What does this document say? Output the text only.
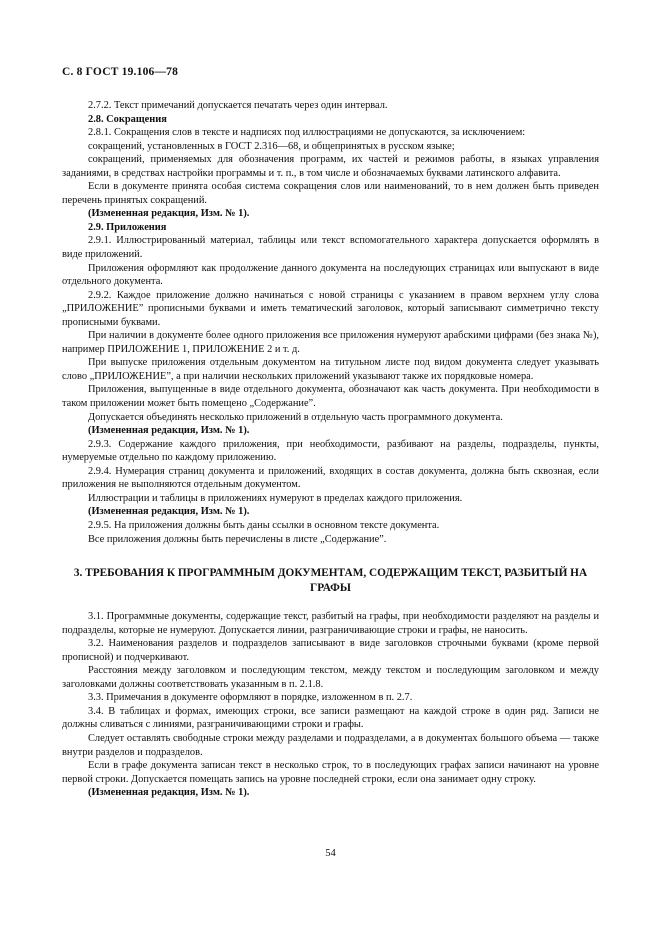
С. 8 ГОСТ 19.106—78

2.7.2. Текст примечаний допускается печатать через один интервал.

2.8. Сокращения

2.8.1. Сокращения слов в тексте и надписях под иллюстрациями не допускаются, за исключением:

сокращений, установленных в ГОСТ 2.316—68, и общепринятых в русском языке;

сокращений, применяемых для обозначения программ, их частей и режимов работы, в языках управления заданиями, в средствах настройки программы и т. п., в том числе и обозначаемых буквами латинского алфавита.

Если в документе принята особая система сокращения слов или наименований, то в нем должен быть приведен перечень принятых сокращений.

(Измененная редакция, Изм. № 1).

2.9. Приложения

2.9.1. Иллюстрированный материал, таблицы или текст вспомогательного характера допускается оформлять в виде приложений.

Приложения оформляют как продолжение данного документа на последующих страницах или выпускают в виде отдельного документа.

2.9.2. Каждое приложение должно начинаться с новой страницы с указанием в правом верхнем углу слова „ПРИЛОЖЕНИЕ” прописными буквами и иметь тематический заголовок, который записывают симметрично тексту прописными буквами.

При наличии в документе более одного приложения все приложения нумеруют арабскими цифрами (без знака №), например ПРИЛОЖЕНИЕ 1, ПРИЛОЖЕНИЕ 2 и т. д.

При выпуске приложения отдельным документом на титульном листе под видом документа следует указывать слово „ПРИЛОЖЕНИЕ”, а при наличии нескольких приложений указывают также их порядковые номера.

Приложения, выпущенные в виде отдельного документа, обозначают как часть документа. При необходимости в таком приложении может быть помещено „Содержание”.

Допускается объединять несколько приложений в отдельную часть программного документа.

(Измененная редакция, Изм. № 1).

2.9.3. Содержание каждого приложения, при необходимости, разбивают на разделы, подразделы, пункты, нумеруемые отдельно по каждому приложению.

2.9.4. Нумерация страниц документа и приложений, входящих в состав документа, должна быть сквозная, если приложения не выполняются отдельным документом.

Иллюстрации и таблицы в приложениях нумеруют в пределах каждого приложения.

(Измененная редакция, Изм. № 1).

2.9.5. На приложения должны быть даны ссылки в основном тексте документа.

Все приложения должны быть перечислены в листе „Содержание”.

3. ТРЕБОВАНИЯ К ПРОГРАММНЫМ ДОКУМЕНТАМ, СОДЕРЖАЩИМ ТЕКСТ, РАЗБИТЫЙ НА ГРАФЫ

3.1. Программные документы, содержащие текст, разбитый на графы, при необходимости разделяют на разделы и подразделы, которые не нумеруют. Допускается линии, разграничивающие строки и графы, не наносить.

3.2. Наименования разделов и подразделов записывают в виде заголовков строчными буквами (кроме первой прописной) и подчеркивают.

Расстояния между заголовком и последующим текстом, между текстом и последующим заголовком и между заголовками должны соответствовать указанным в п. 2.1.8.

3.3. Примечания в документе оформляют в порядке, изложенном в п. 2.7.

3.4. В таблицах и формах, имеющих строки, все записи размещают на каждой строке в один ряд. Записи не должны сливаться с линиями, разграничивающими строки и графы.

Следует оставлять свободные строки между разделами и подразделами, а в документах большого объема — также внутри разделов и подразделов.

Если в графе документа записан текст в несколько строк, то в последующих графах записи начинают на уровне первой строки. Допускается помещать запись на уровне последней строки, если она занимает одну строку.

(Измененная редакция, Изм. № 1).

54
